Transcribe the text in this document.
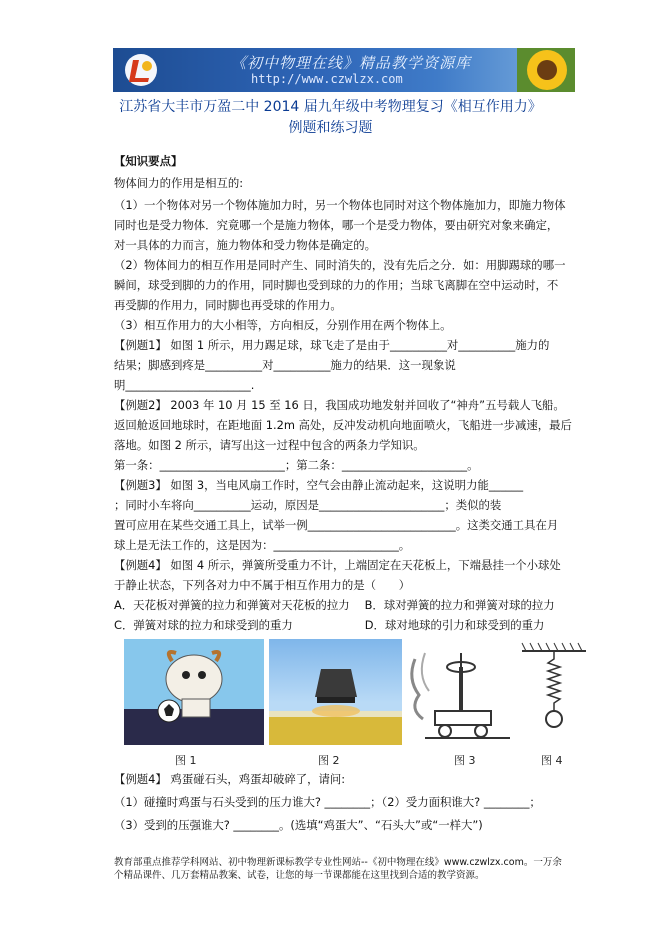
《初中物理在线》精品教学资源库
http://www.czwlzx.com
江苏省大丰市万盈二中 2014 届九年级中考物理复习《相互作用力》
例题和练习题
【知识要点】
物体间力的作用是相互的:
（1）一个物体对另一个物体施加力时，另一个物体也同时对这个物体施加力，即施力物体
同时也是受力物体．究竟哪一个是施力物体，哪一个是受力物体，要由研究对象来确定，
对一具体的力而言，施力物体和受力物体是确定的。
（2）物体间力的相互作用是同时产生、同时消失的，没有先后之分．如：用脚踢球的哪一
瞬间，球受到脚的力的作用，同时脚也受到球的力的作用；当球飞离脚在空中运动时，不
再受脚的作用力，同时脚也再受球的作用力。
（3）相互作用力的大小相等，方向相反，分别作用在两个物体上。
【例题1】 如图 1 所示，用力踢足球，球飞走了是由于__________对__________施力的
结果；脚感到疼是__________对__________施力的结果．这一现象说
明______________________.
【例题2】 2003 年 10 月 15 至 16 日，我国成功地发射并回收了“神舟”五号载人飞船。
返回舱返回地球时，在距地面 1.2m 高处，反冲发动机向地面喷火，飞船进一步减速，最后
落地。如图 2 所示，请写出这一过程中包含的两条力学知识。
第一条：______________________；第二条：______________________。
【例题3】 如图 3，当电风扇工作时，空气会由静止流动起来，这说明力能______
；同时小车将向__________运动，原因是______________________；类似的装
置可应用在某些交通工具上，试举一例__________________________。这类交通工具在月
球上是无法工作的，这是因为：______________________。
【例题4】 如图 4 所示，弹簧所受重力不计，上端固定在天花板上，下端悬挂一个小球处
于静止状态，下列各对力中不属于相互作用力的是（　　）
A．天花板对弹簧的拉力和弹簧对天花板的拉力　 B．球对弹簧的拉力和弹簧对球的拉力
C．弹簧对球的拉力和球受到的重力　　　　　　 D．球对地球的引力和球受到的重力
图 1	图 2	图 3	图 4
【例题4】 鸡蛋碰石头，鸡蛋却破碎了，请问:
（1）碰撞时鸡蛋与石头受到的压力谁大? ________；（2）受力面积谁大? ________；
（3）受到的压强谁大? ________。(选填“鸡蛋大”、“石头大”或“一样大”)
教育部重点推荐学科网站、初中物理新课标教学专业性网站--《初中物理在线》www.czwlzx.com。一万余
个精品课件、几万套精品教案、试卷，让您的每一节课都能在这里找到合适的教学资源。
